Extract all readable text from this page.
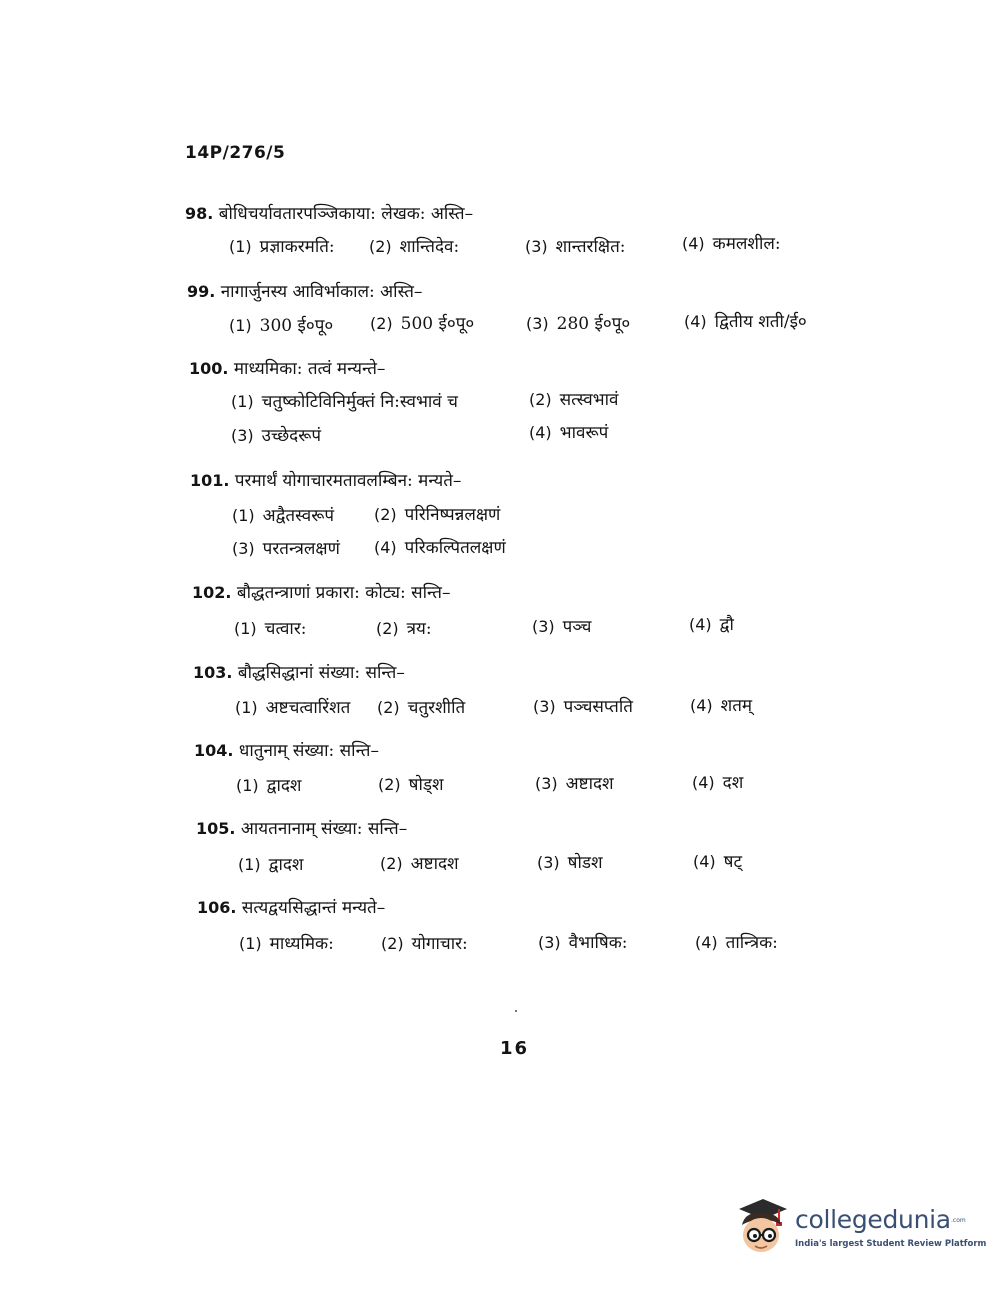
14P/276/5
98. बोधिचर्यावतारपञ्जिकाया: लेखक: अस्ति–
(1) प्रज्ञाकरमति: (2) शान्तिदेव:	(3) शान्तरक्षित:	(4) कमलशील:
99. नागार्जुनस्य आविर्भाकाल: अस्ति–
(1) 300 ई०पू० (2) 500 ई०पू०	(3) 280 ई०पू०	(4) द्वितीय शती/ई०
100. माध्यमिका: तत्वं मन्यन्ते–
(1) चतुष्कोटिविनिर्मुक्तं नि:स्वभावं च	(2) सत्स्वभावं
(3) उच्छेदरूपं	(4) भावरूपं
101. परमार्थं योगाचारमतावलम्बिन: मन्यते–
(1) अद्वैतस्वरूपं (2) परिनिष्पन्नलक्षणं
(3) परतन्त्रलक्षणं (4) परिकल्पितलक्षणं
102. बौद्धतन्त्राणां प्रकारा: कोट्य: सन्ति–
(1) चत्वार:	(2) त्रय:	(3) पञ्च	(4) द्वौ
103. बौद्धसिद्धानां संख्या: सन्ति–
(1) अष्टचत्वारिंशत (2) चतुरशीति	(3) पञ्चसप्तति	(4) शतम्
104. धातुनाम् संख्या: सन्ति–
(1) द्वादश	(2) षोड्श	(3) अष्टादश	(4) दश
105. आयतनानाम् संख्या: सन्ति–
(1) द्वादश	(2) अष्टादश	(3) षोडश	(4) षट्
106. सत्यद्वयसिद्धान्तं मन्यते–
(1) माध्यमिक:	(2) योगाचार:	(3) वैभाषिक:	(4) तान्त्रिक:
16
collegedunia .com
India's largest Student Review Platform
